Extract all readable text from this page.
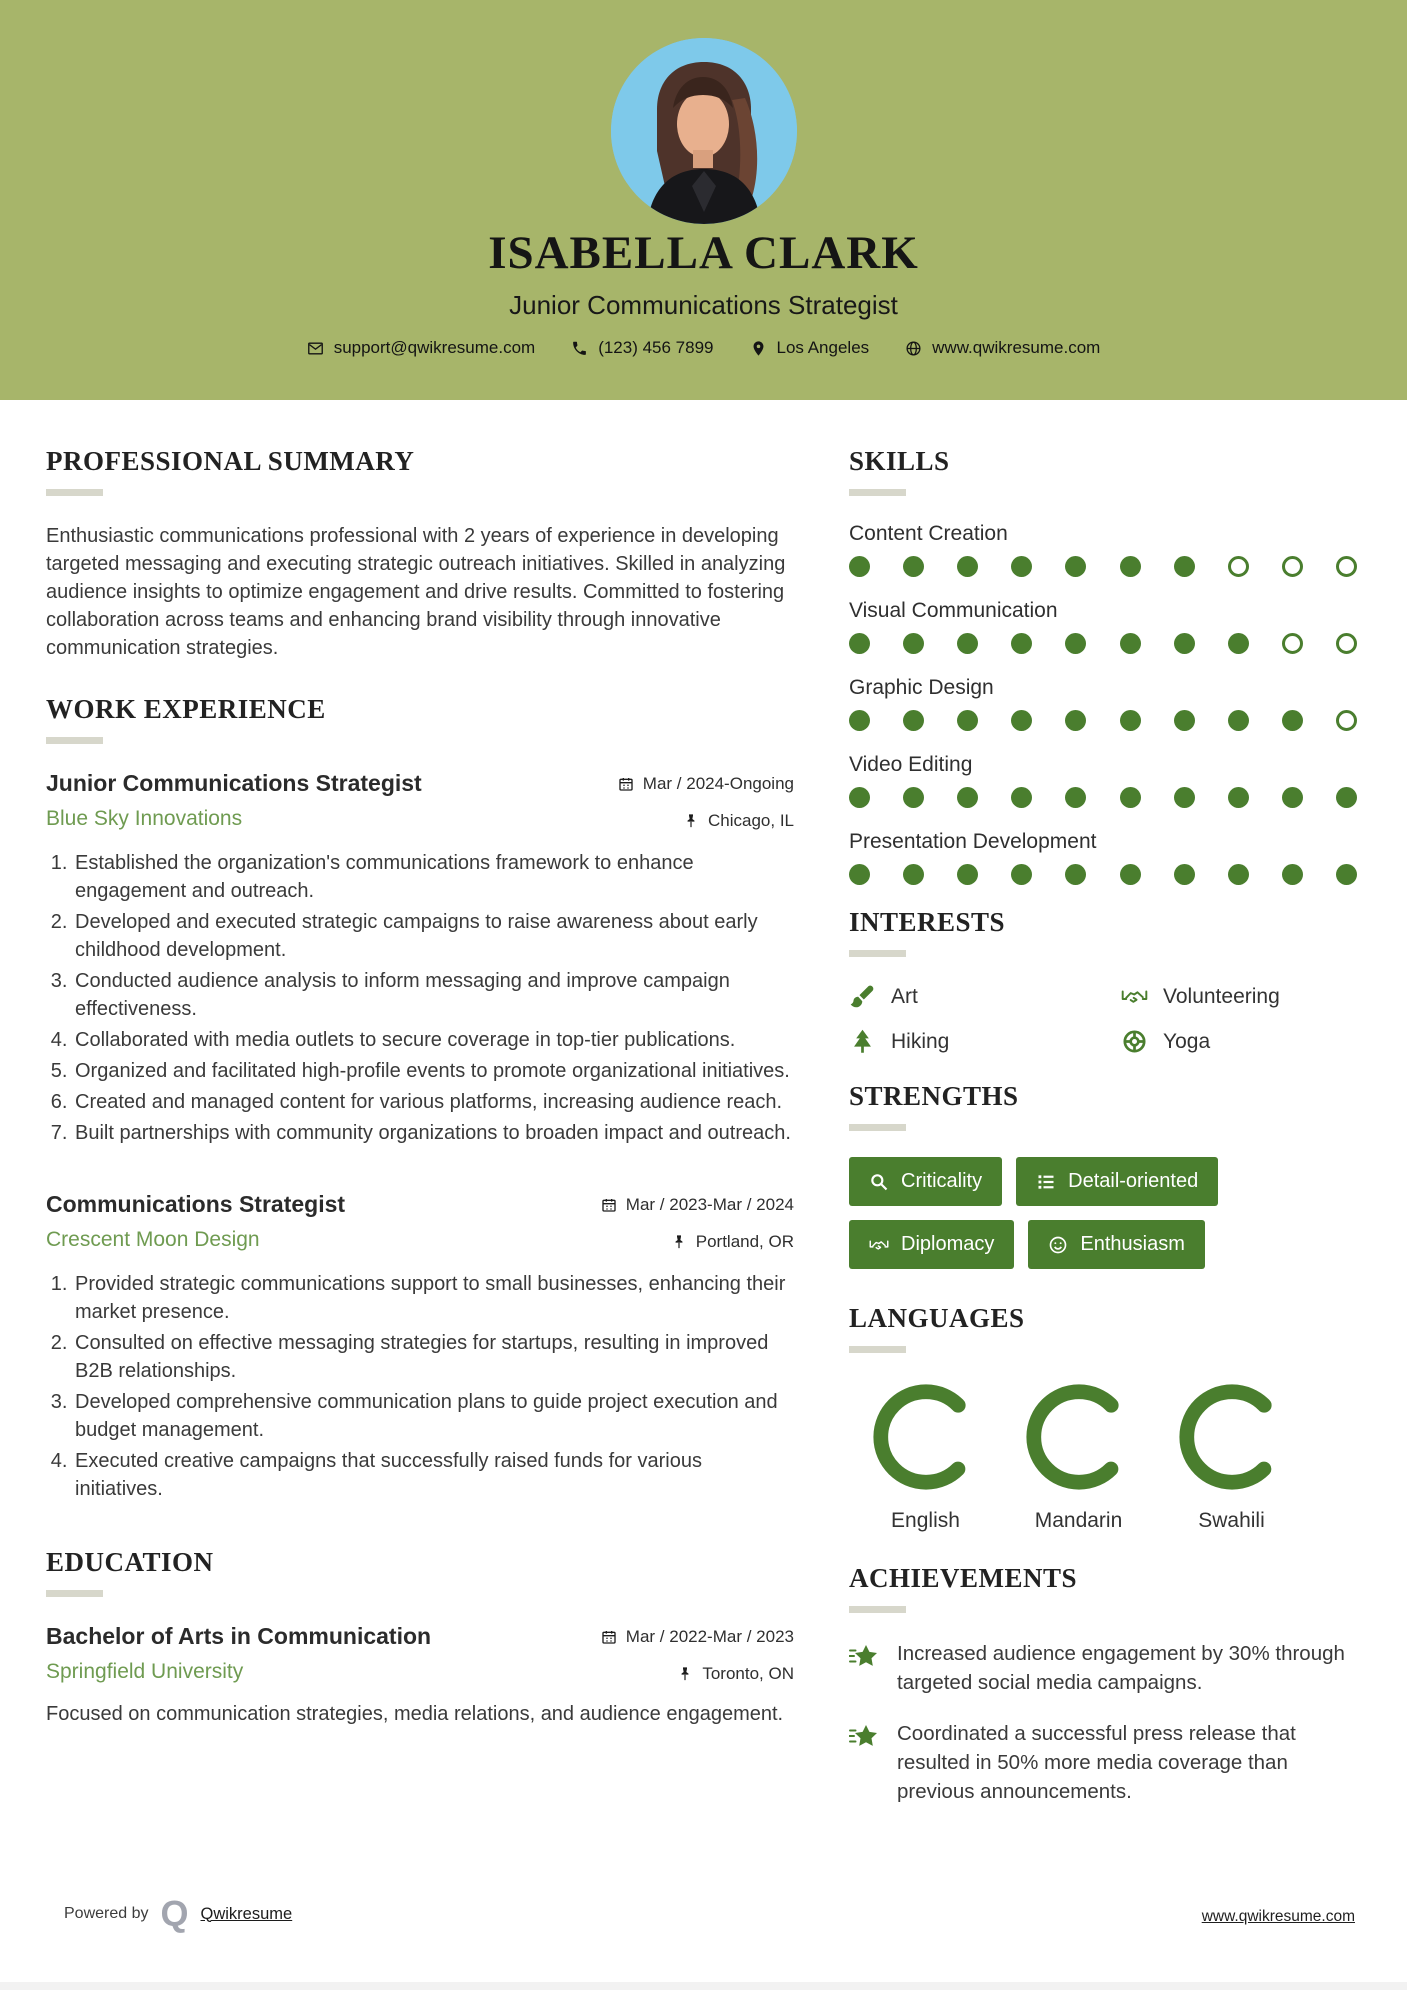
ISABELLA CLARK
Junior Communications Strategist
support@qwikresume.com	(123) 456 7899	Los Angeles	www.qwikresume.com
PROFESSIONAL SUMMARY

Enthusiastic communications professional with 2 years of experience in developing targeted messaging and executing strategic outreach initiatives. Skilled in analyzing audience insights to optimize engagement and drive results. Committed to fostering collaboration across teams and enhancing brand visibility through innovative communication strategies.

WORK EXPERIENCE
Junior Communications Strategist	Mar / 2024-Ongoing
Blue Sky Innovations	Chicago, IL
1. Established the organization's communications framework to enhance engagement and outreach.
2. Developed and executed strategic campaigns to raise awareness about early childhood development.
3. Conducted audience analysis to inform messaging and improve campaign effectiveness.
4. Collaborated with media outlets to secure coverage in top-tier publications.
5. Organized and facilitated high-profile events to promote organizational initiatives.
6. Created and managed content for various platforms, increasing audience reach.
7. Built partnerships with community organizations to broaden impact and outreach.
Communications Strategist	Mar / 2023-Mar / 2024
Crescent Moon Design	Portland, OR
1. Provided strategic communications support to small businesses, enhancing their market presence.
2. Consulted on effective messaging strategies for startups, resulting in improved B2B relationships.
3. Developed comprehensive communication plans to guide project execution and budget management.
4. Executed creative campaigns that successfully raised funds for various initiatives.
EDUCATION
Bachelor of Arts in Communication	Mar / 2022-Mar / 2023
Springfield University	Toronto, ON

Focused on communication strategies, media relations, and audience engagement.

SKILLS
Content Creation
Visual Communication
Graphic Design
Video Editing
Presentation Development
INTERESTS
Art	Volunteering
Hiking	Yoga
STRENGTHS
Criticality	Detail-oriented
Diplomacy	Enthusiasm
LANGUAGES
English	Mandarin	Swahili
ACHIEVEMENTS
Increased audience engagement by 30% through targeted social media campaigns.
Coordinated a successful press release that resulted in 50% more media coverage than previous announcements.
Powered by Q Qwikresume	www.qwikresume.com
